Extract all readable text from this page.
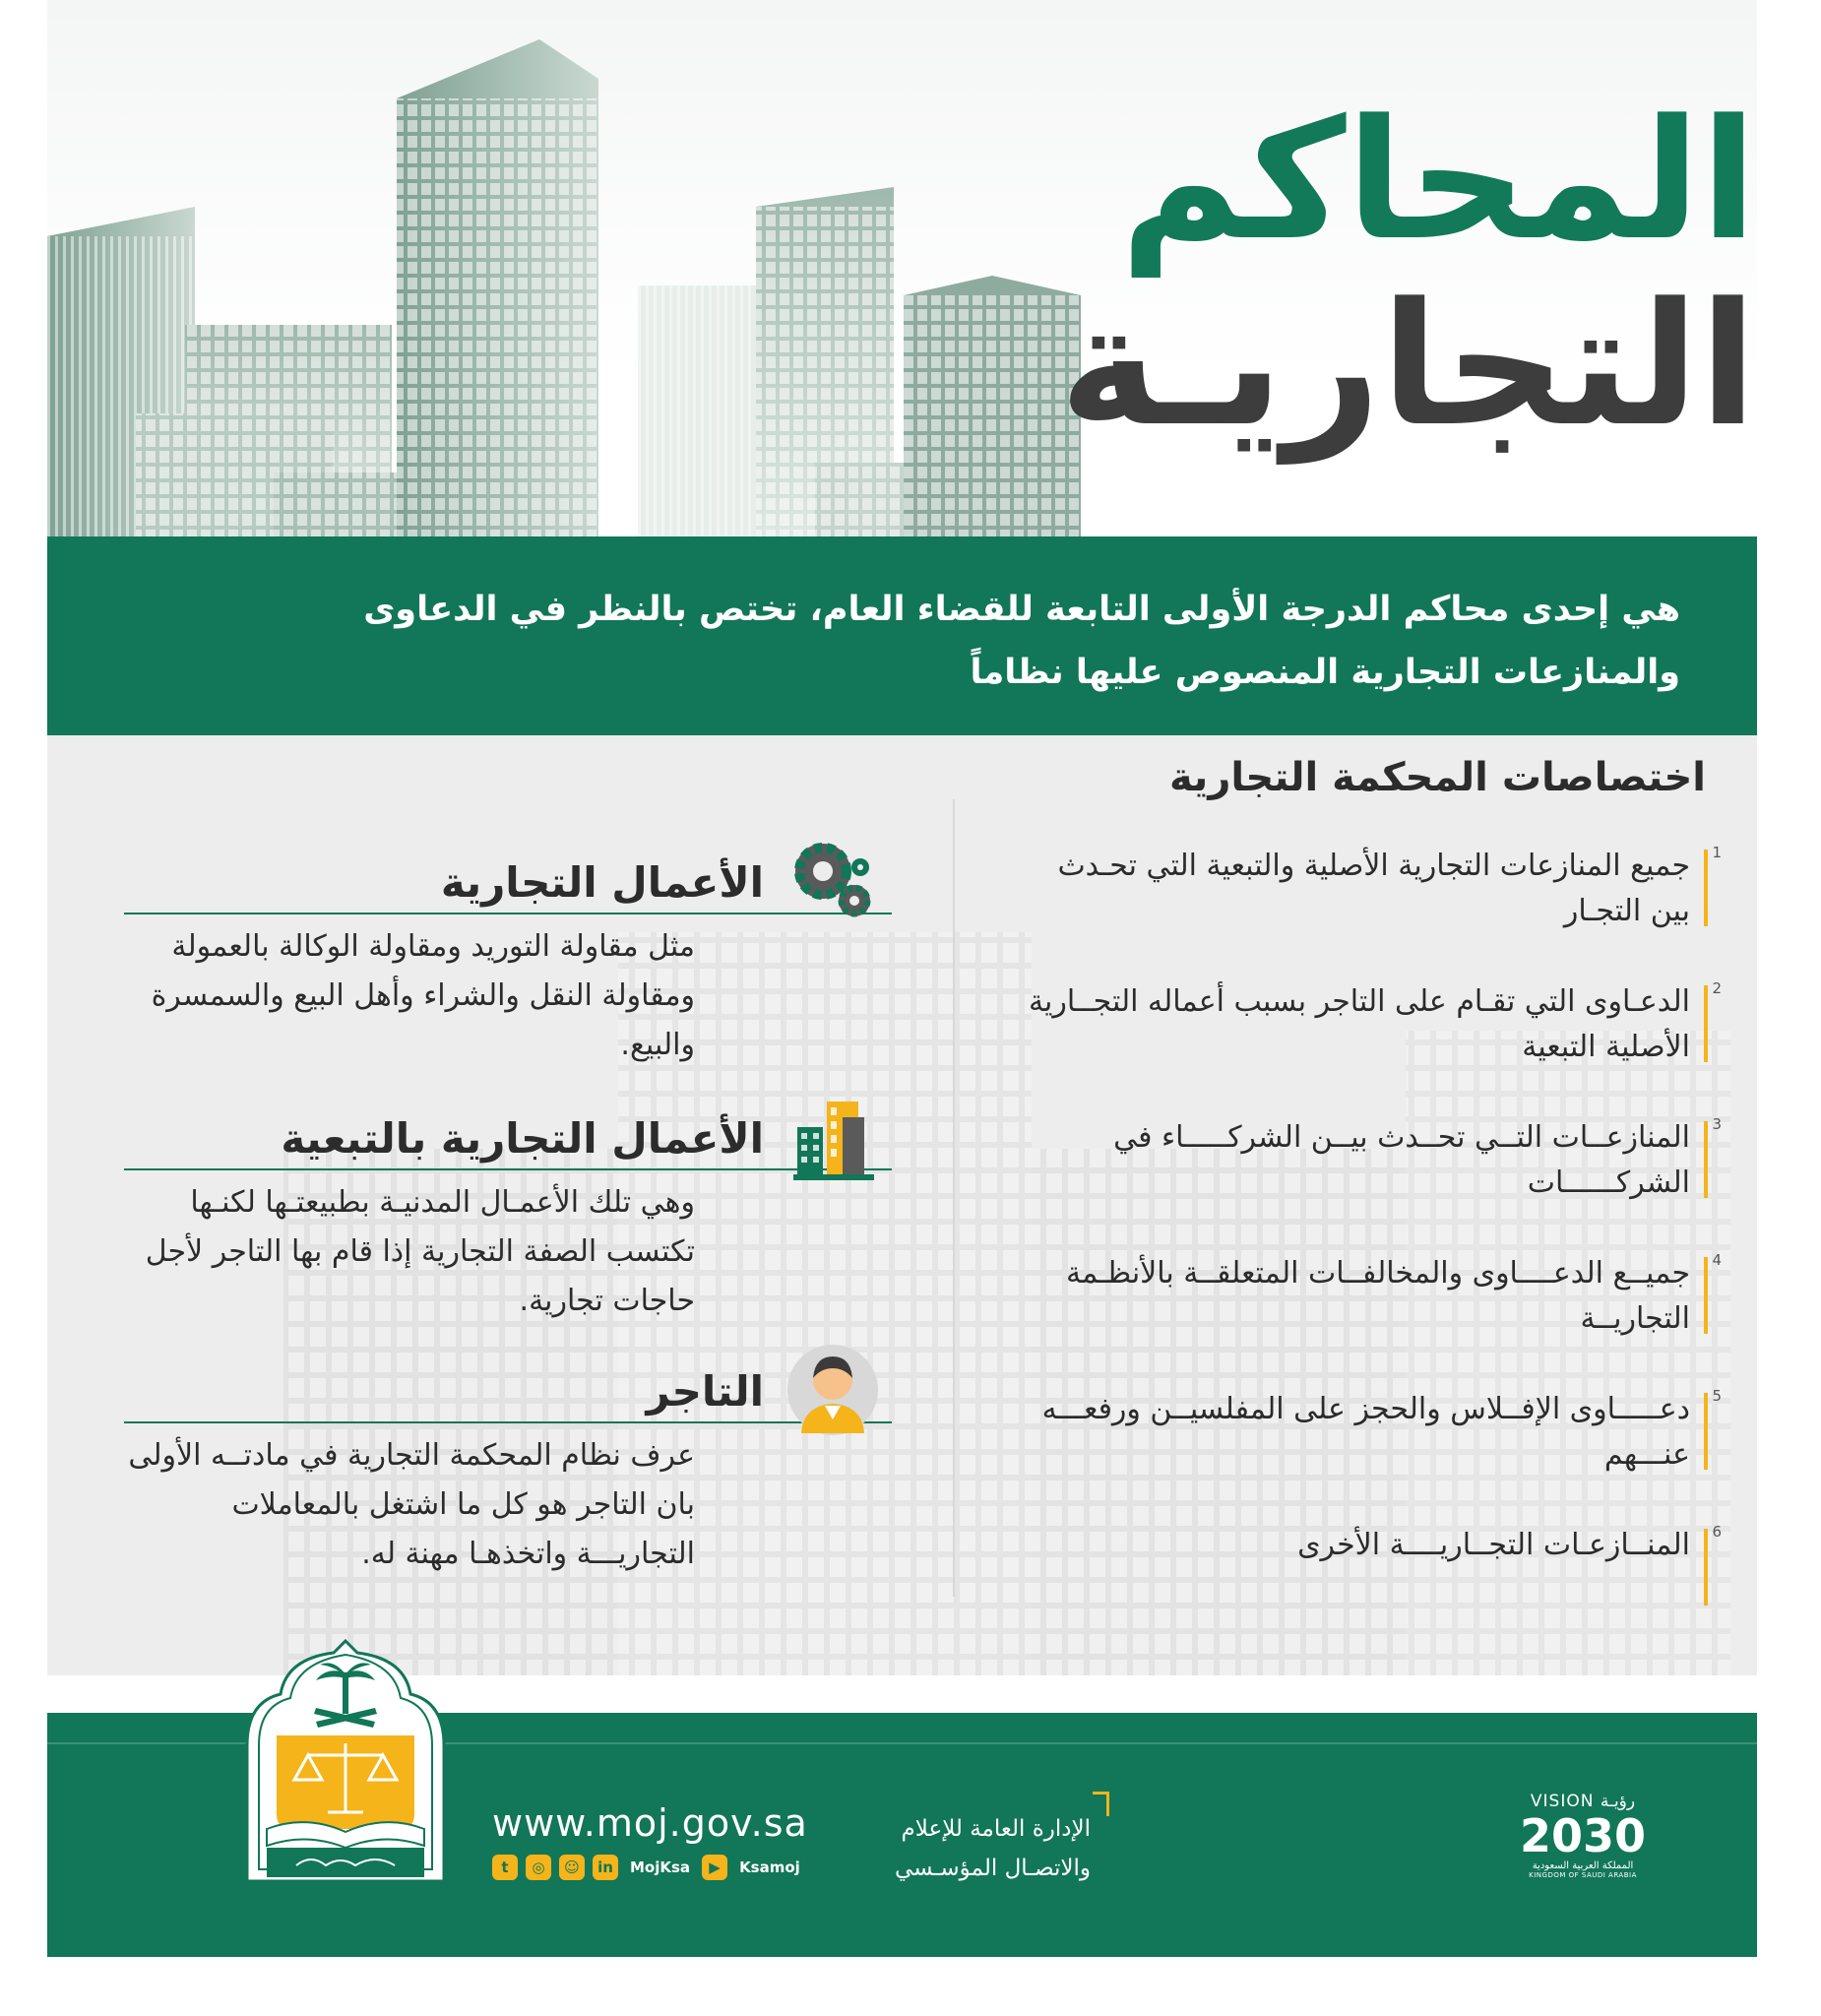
المحاكم
التجاريـة
هي إحدى محاكم الدرجة الأولى التابعة للقضاء العام، تختص بالنظر في الدعاوى والمنازعات التجارية المنصوص عليها نظاماً
اختصاصات المحكمة التجارية
1
جميع المنازعات التجارية الأصلية والتبعية التي تحـدث بين التجـار
2
الدعـاوى التي تقـام على التاجر بسبب أعماله التجــارية الأصلية التبعية
3
المنازعــات التــي تحــدث بيــن الشركـــــاء في الشركــــــات
4
جميــع الدعــــاوى والمخالفــات المتعلقــة بالأنظـمة التجاريــة
5
دعـــــاوى الإفــلاس والحجز على المفلسيــن ورفعـــه عنـــهم
6
المنــازعـات التجــاريــــة الأخرى
الأعمال التجارية
مثل مقاولة التوريد ومقاولة الوكالة بالعمولة ومقاولة النقل والشراء وأهل البيع والسمسرة والبيع.
الأعمال التجارية بالتبعية
وهي تلك الأعمـال المدنيـة بطبيعتـها لكنـها تكتسب الصفة التجارية إذا قام بها التاجر لأجل حاجات تجارية.
التاجر
عرف نظام المحكمة التجارية في مادتــه الأولى بان التاجر هو كل ما اشتغل بالمعاملات التجاريـــة واتخذهـا مهنة له.
www.moj.gov.sa
t	◎	☺	in	MojKsa	▶	Ksamoj
الإدارة العامة للإعلام
والاتصـال المؤسـسي
VISION رؤيـة
2030
المملكة العربية السعودية
KINGDOM OF SAUDI ARABIA
